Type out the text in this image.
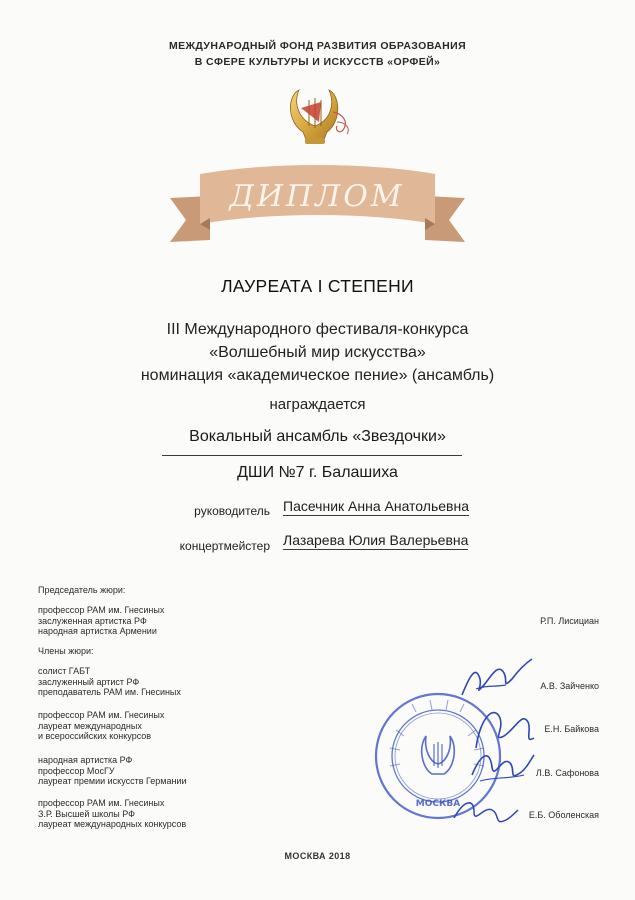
МЕЖДУНАРОДНЫЙ ФОНД РАЗВИТИЯ ОБРАЗОВАНИЯ
В СФЕРЕ КУЛЬТУРЫ И ИСКУССТВ «ОРФЕЙ»
ДИПЛОМ
ЛАУРЕАТА I СТЕПЕНИ
III Международного фестиваля-конкурса
«Волшебный мир искусства»
номинация «академическое пение» (ансамбль)
награждается
Вокальный ансамбль «Звездочки»
ДШИ №7 г. Балашиха
руководитель Пасечник Анна Анатольевна
концертмейстер Лазарева Юлия Валерьевна
Председатель жюри:
профессор РАМ им. Гнесиных
заслуженная артистка РФ
народная артистка Армении
Р.П. Лисициан
Члены жюри:
солист ГАБТ
заслуженный артист РФ
преподаватель РАМ им. Гнесиных
А.В. Зайченко
профессор РАМ им. Гнесиных
лауреат международных
и всероссийских конкурсов
Е.Н. Байкова
народная артистка РФ
профессор МосГУ
лауреат премии искусств Германии
Л.В. Сафонова
профессор РАМ им. Гнесиных
З.Р. Высшей школы РФ
лауреат международных конкурсов
Е.Б. Оболенская
МОСКВА
МОСКВА 2018
